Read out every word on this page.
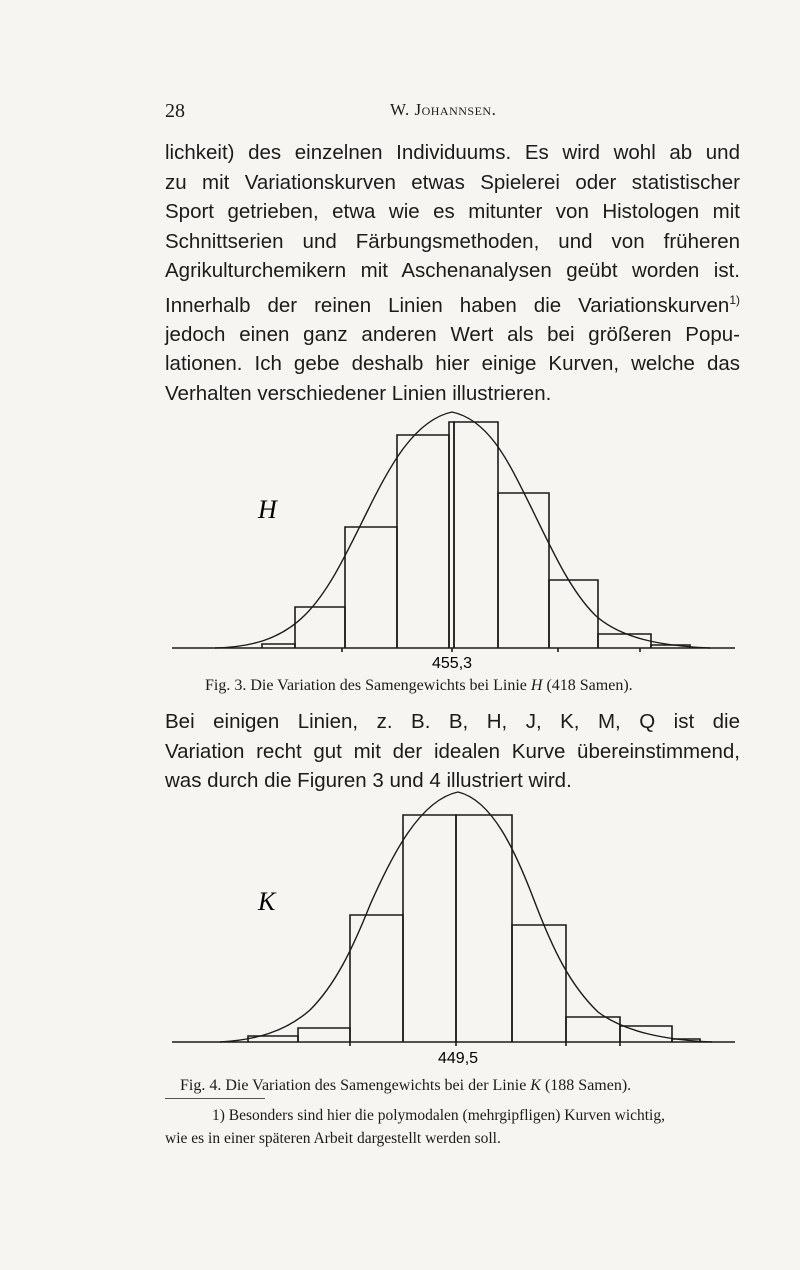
28	W. Johannsen.

lichkeit) des einzelnen Individuums. Es wird wohl ab und

zu mit Variationskurven etwas Spielerei oder statistischer

Sport getrieben, etwa wie es mitunter von Histologen mit

Schnittserien und Färbungsmethoden, und von früheren

Agrikulturchemikern mit Aschenanalysen geübt worden ist.

Innerhalb der reinen Linien haben die Variationskurven$^{1)}$

jedoch einen ganz anderen Wert als bei größeren Popu-

lationen. Ich gebe deshalb hier einige Kurven, welche das

Verhalten verschiedener Linien illustrieren.

H
455,3
Fig. 3. Die Variation des Samengewichts bei Linie H (418 Samen).

Bei einigen Linien, z. B. B, H, J, K, M, Q ist die

Variation recht gut mit der idealen Kurve übereinstimmend,

was durch die Figuren 3 und 4 illustriert wird.

K
449,5
Fig. 4. Die Variation des Samengewichts bei der Linie K (188 Samen).

1) Besonders sind hier die polymodalen (mehrgipfligen) Kurven wichtig,

wie es in einer späteren Arbeit dargestellt werden soll.
